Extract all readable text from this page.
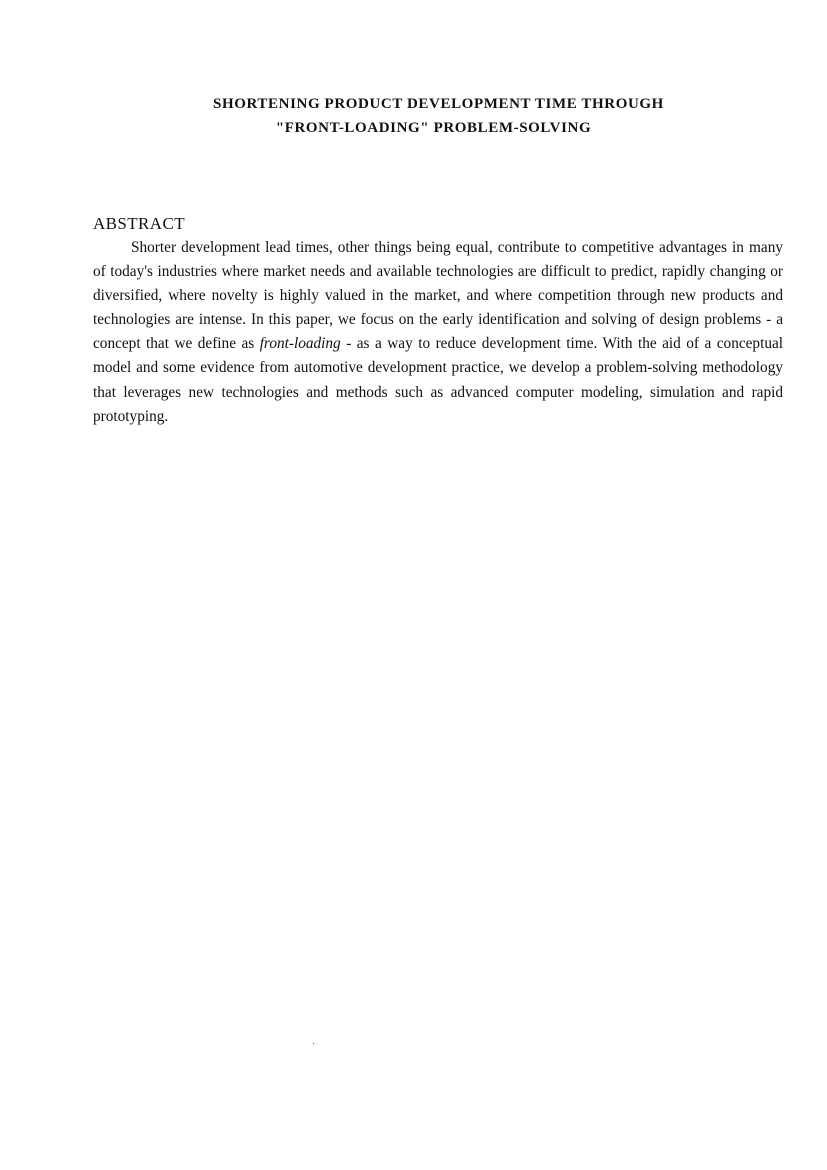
SHORTENING PRODUCT DEVELOPMENT TIME THROUGH
"FRONT-LOADING" PROBLEM-SOLVING
ABSTRACT

Shorter development lead times, other things being equal, contribute to competitive advantages in many of today's industries where market needs and available technologies are difficult to predict, rapidly changing or diversified, where novelty is highly valued in the market, and where competition through new products and technologies are intense. In this paper, we focus on the early identification and solving of design problems - a concept that we define as front-loading - as a way to reduce development time. With the aid of a conceptual model and some evidence from automotive development practice, we develop a problem-solving methodology that leverages new technologies and methods such as advanced computer modeling, simulation and rapid prototyping.
